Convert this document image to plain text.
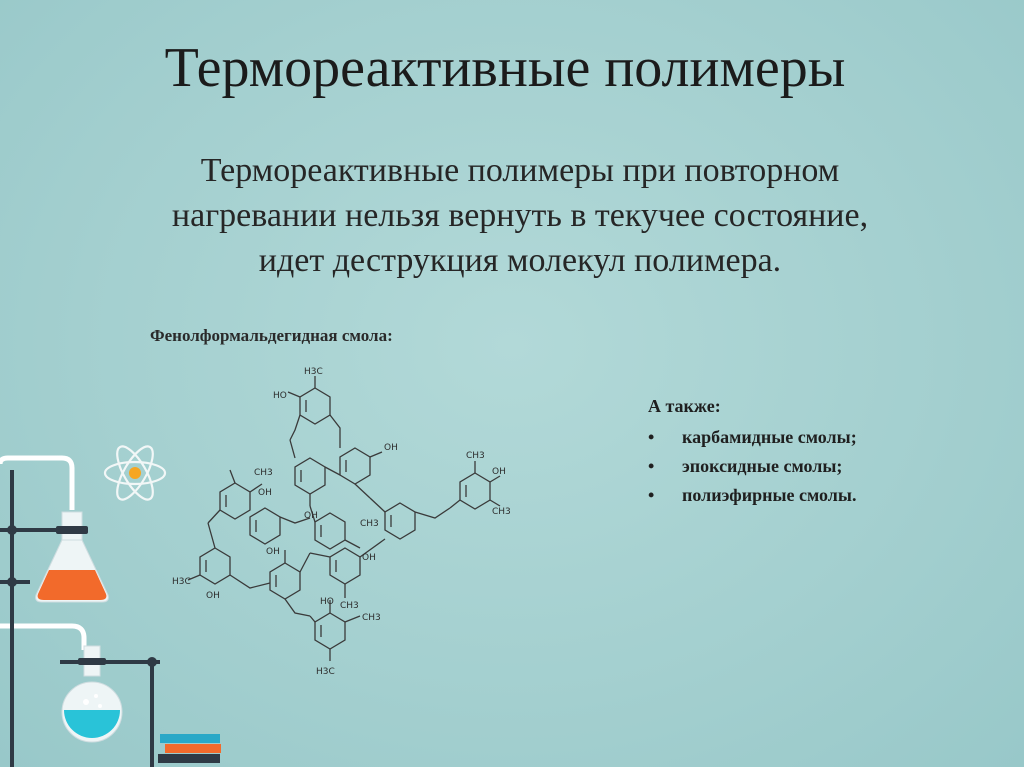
Термореактивные полимеры
Термореактивные полимеры при повторном
нагревании нельзя вернуть в текучее состояние,
идет деструкция молекул полимера.
Фенолформальдегидная смола:
H3C
HO
OH
OH
CH3
OH
CH3
CH3
OH
H3C
OH
OH
CH3
OH
CH3
HO
CH3
H3C
А также:
• карбамидные смолы;
• эпоксидные смолы;
• полиэфирные смолы.
